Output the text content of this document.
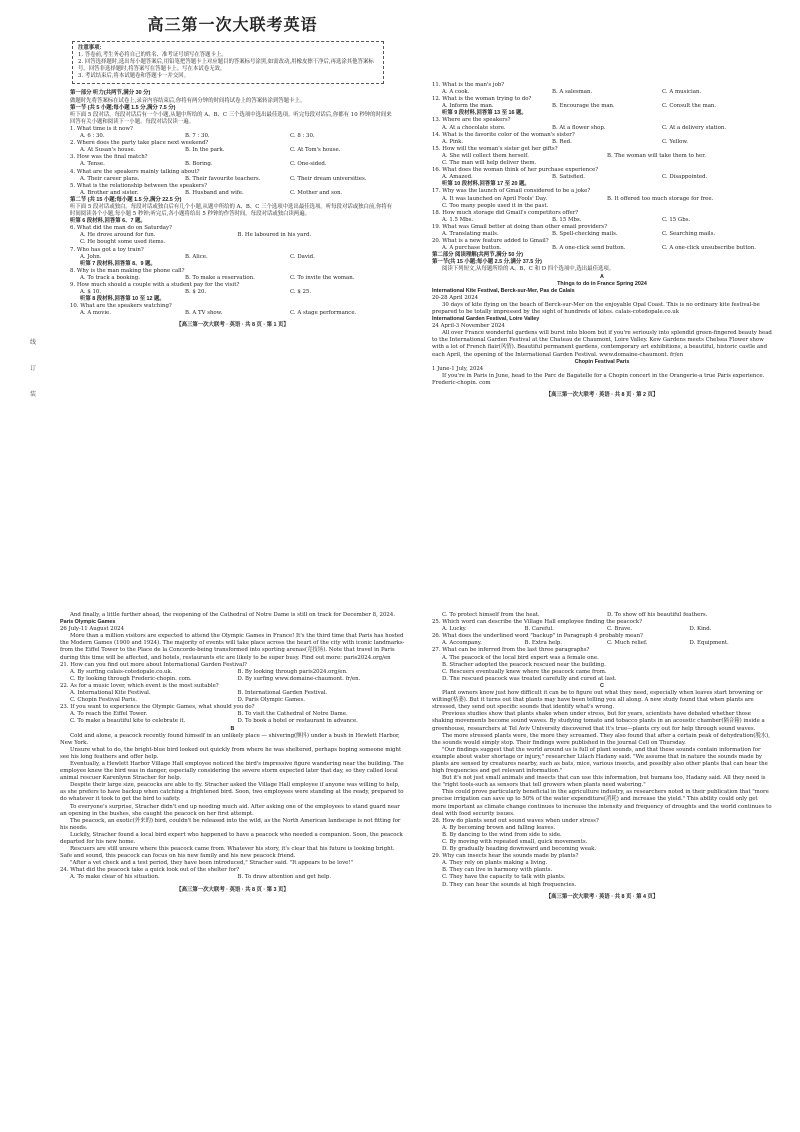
线
订
装
高三第一次大联考英语
注意事项:
1. 答卷前,考生务必将自己的姓名、准考证号填写在答题卡上。
2. 回答选择题时,选出每小题答案后,用铅笔把答题卡上对应题目的答案标号涂黑,如需改动,用橡皮擦干净后,再选涂其他答案标号。回答非选择题时,将答案写在答题卡上。写在本试卷无效。
3. 考试结束后,将本试题卷和答题卡一并交回。
第一部分 听力(共两节,满分 30 分)
做题时先将答案标在试卷上,录音内容结束后,你将有两分钟的时间将试卷上的答案转涂到答题卡上。
第一节 (共 5 小题;每小题 1.5 分,满分 7.5 分)
听下面 5 段对话。每段对话后有一个小题,从题中所给的 A、B、C 三个选项中选出最佳选项。听完每段对话后,你都有 10 秒钟的时间来回答有关小题和阅读下一小题。每段对话仅读一遍。
1. What time is it now?
A. 6 : 30.	B. 7 : 30.	C. 8 : 30.
2. Where does the party take place next weekend?
A. At Susan's house.	B. In the park.	C. At Tom's house.
3. How was the final match?
A. Tense.	B. Boring.	C. One-sided.
4. What are the speakers mainly talking about?
A. Their career plans.	B. Their favourite teachers.	C. Their dream universities.
5. What is the relationship between the speakers?
A. Brother and sister.	B. Husband and wife.	C. Mother and son.
第二节 (共 15 小题;每小题 1.5 分,满分 22.5 分)
听下面 5 段对话或独白。每段对话或独白后有几个小题,从题中所给的 A、B、C 三个选项中选出最佳选项。听每段对话或独白前,你将有时间阅读各个小题,每小题 5 秒钟;听完后,各小题将给出 5 秒钟的作答时间。每段对话或独白读两遍。
听第 6 段材料,回答第 6、7 题。
6. What did the man do on Saturday?
A. He drove around for fun.	B. He laboured in his yard.
C. He bought some used items.
7. Who has got a toy train?
A. John.	B. Alice.	C. David.
听第 7 段材料,回答第 8、9 题。
8. Why is the man making the phone call?
A. To track a booking.	B. To make a reservation.	C. To invite the woman.
9. How much should a couple with a student pay for the visit?
A. $ 10.	B. $ 20.	C. $ 25.
听第 8 段材料,回答第 10 至 12 题。
10. What are the speakers watching?
A. A movie.	B. A TV show.	C. A stage performance.
【高三第一次大联考 · 英语 · 共 8 页 · 第 1 页】
11. What is the man's job?
A. A cook.	B. A salesman.	C. A musician.
12. What is the woman trying to do?
A. Inform the man.	B. Encourage the man.	C. Consult the man.
听第 9 段材料,回答第 13 至 16 题。
13. Where are the speakers?
A. At a chocolate store.	B. At a flower shop.	C. At a delivery station.
14. What is the favorite color of the woman's sister?
A. Pink.	B. Red.	C. Yellow.
15. How will the woman's sister get her gifts?
A. She will collect them herself.	B. The woman will take them to her.
C. The man will help deliver them.
16. What does the woman think of her purchase experience?
A. Amazed.	B. Satisfied.	C. Disappointed.
听第 10 段材料,回答第 17 至 20 题。
17. Why was the launch of Gmail considered to be a joke?
A. It was launched on April Fools' Day.	B. It offered too much storage for free.
C. Too many people used it in the past.
18. How much storage did Gmail's competitors offer?
A. 1.5 Mbs.	B. 15 Mbs.	C. 15 Gbs.
19. What was Gmail better at doing than other email providers?
A. Translating mails.	B. Spell-checking mails.	C. Searching mails.
20. What is a new feature added to Gmail?
A. A purchase button.	B. A one-click send button.	C. A one-click unsubscribe button.
第二部分 阅读理解(共两节,满分 50 分)
第一节(共 15 小题;每小题 2.5 分,满分 37.5 分)
阅读下列短文,从每题所给的 A、B、C 和 D 四个选项中,选出最佳选项。
A
Things to do in France Spring 2024
International Kite Festival, Berck-sur-Mer, Pas de Calais
20-28 April 2024
30 days of kite flying on the beach of Berck-sur-Mer on the enjoyable Opal Coast. This is no ordinary kite festival-be prepared to be totally impressed by the sight of hundreds of kites. calais-cotedopale.co.uk
International Garden Festival, Loire Valley
24 April-3 November 2024
All over France wonderful gardens will burst into bloom but if you're seriously into splendid green-fingered beauty head to the International Garden Festival at the Chateau de Chaumont, Loire Valley. Kew Gardens meets Chelsea Flower show with a lot of French flair(风情). Beautiful permanent gardens, contemporary art exhibitions, a beautiful, historic castle and each April, the opening of the International Garden Festival. www.domaine-chaumont. fr/en
Chopin Festival Paris
1 June-1 July, 2024
If you're in Paris in June, head to the Parc de Bagatelle for a Chopin concert in the Orangerie-a true Paris experience. Frederic-chopin. com
【高三第一次大联考 · 英语 · 共 8 页 · 第 2 页】
And finally, a little further ahead, the reopening of the Cathedral of Notre Dame is still on track for December 8, 2024.
Paris Olympic Games
26 July-11 August 2024
More than a million visitors are expected to attend the Olympic Games in France! It's the third time that Paris has hosted the Modern Games (1900 and 1924). The majority of events will take place across the heart of the city with iconic landmarks-from the Eiffel Tower to the Place de la Concorde-being transformed into sporting arenas(竞技场). Note that travel in Paris during this time will be affected, and hotels, restaurants etc are likely to be super busy. Find out more: paris2024.org/en
21. How can you find out more about International Garden Festival?
A. By surfing calais-cotedopale.co.uk.	B. By looking through paris2024.org/en.
C. By looking through Frederic-chopin. com.	D. By surfing www.domaine-chaumont. fr/en.
22. As for a music lover, which event is the most suitable?
A. International Kite Festival.	B. International Garden Festival.
C. Chopin Festival Paris.	D. Paris Olympic Games.
23. If you want to experience the Olympic Games, what should you do?
A. To reach the Eiffel Tower.	B. To visit the Cathedral of Notre Dame.
C. To make a beautiful kite to celebrate it.	D. To book a hotel or restaurant in advance.
B
Cold and alone, a peacock recently found himself in an unlikely place — shivering(颤抖) under a bush in Hewlett Harbor, New York.
Unsure what to do, the bright-blue bird looked out quickly from where he was sheltered, perhaps hoping someone might see his long feathers and offer help.
Eventually, a Hewlett Harbor Village Hall employee noticed the bird's impressive figure wandering near the building. The employee knew the bird was in danger, especially considering the severe storm expected later that day, so they called local animal rescuer Karenlynn Stracher for help.
Despite their large size, peacocks are able to fly. Stracher asked the Village Hall employee if anyone was willing to help, as she prefers to have backup when catching a frightened bird. Soon, two employees were standing at the ready, prepared to do whatever it took to get the bird to safety.
To everyone's surprise, Stracher didn't end up needing much aid. After asking one of the employees to stand guard near an opening in the bushes, she caught the peacock on her first attempt.
The peacock, an exotic(外来的) bird, couldn't be released into the wild, as the North American landscape is not fitting for his needs.
Luckily, Stracher found a local bird expert who happened to have a peacock who needed a companion. Soon, the peacock departed for his new home.
Rescuers are still unsure where this peacock came from. Whatever his story, it's clear that his future is looking bright. Safe and sound, this peacock can focus on his new family and his new peacock friend.
"After a vet check and a test period, they have been introduced," Stracher said. "It appears to be love!"
24. What did the peacock take a quick look out of the shelter for?
A. To make clear of his situation.	B. To draw attention and get help.
【高三第一次大联考 · 英语 · 共 8 页 · 第 3 页】
C. To protect himself from the heat.	D. To show off his beautiful feathers.
25. Which word can describe the Village Hall employee finding the peacock?
A. Lucky.	B. Careful.	C. Brave.	D. Kind.
26. What does the underlined word "backup" in Paragraph 4 probably mean?
A. Accompany.	B. Extra help.	C. Much relief.	D. Equipment.
27. What can be inferred from the last three paragraphs?
A. The peacock of the local bird expert was a female one.
B. Stracher adopted the peacock rescued near the building.
C. Rescuers eventually knew where the peacock came from.
D. The rescued peacock was treated carefully and cured at last.
C
Plant owners know just how difficult it can be to figure out what they need, especially when leaves start browning or wilting(枯萎). But it turns out that plants may have been telling you all along. A new study found that when plants are stressed, they send out specific sounds that identify what's wrong.
Previous studies show that plants shake when under stress, but for years, scientists have debated whether those shaking movements become sound waves. By studying tomato and tobacco plants in an acoustic chamber(隔音箱) inside a greenhouse, researchers at Tel Aviv University discovered that it's true—plants cry out for help through sound waves.
The more stressed plants were, the more they screamed. They also found that after a certain peak of dehydration(脱水), the sounds would simply stop. Their findings were published in the journal Cell on Thursday.
"Our findings suggest that the world around us is full of plant sounds, and that these sounds contain information for example about water shortage or injury," researcher Lilach Hadany said. "We assume that in nature the sounds made by plants are sensed by creatures nearby, such as bats, mice, various insects, and possibly also other plants that can hear the high frequencies and get relevant information."
But it's not just small animals and insects that can use this information, but humans too, Hadany said. All they need is the "right tools-such as sensors that tell growers when plants need watering."
This could prove particularly beneficial in the agriculture industry, as researchers noted in their publication that "more precise irrigation can save up to 50% of the water expenditure(消耗) and increase the yield." This ability could only get more important as climate change continues to increase the intensity and frequency of droughts and the world continues to deal with food security issues.
28. How do plants send out sound waves when under stress?
A. By becoming brown and falling leaves.
B. By dancing to the wind from side to side.
C. By moving with repeated small, quick movements.
D. By gradually heading downward and becoming weak.
29. Why can insects hear the sounds made by plants?
A. They rely on plants making a living.
B. They can live in harmony with plants.
C. They have the capacity to talk with plants.
D. They can hear the sounds at high frequencies.
【高三第一次大联考 · 英语 · 共 8 页 · 第 4 页】
